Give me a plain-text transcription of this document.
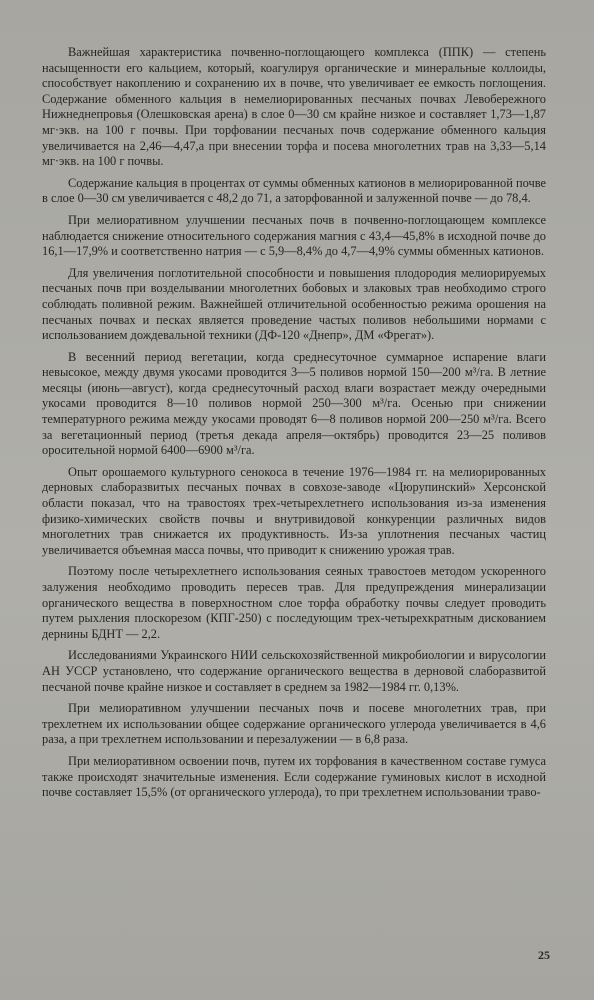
Важнейшая характеристика почвенно-поглощающего комплекса (ППК) — степень насыщенности его кальцием, который, коагулируя органические и минеральные коллоиды, способствует накоплению и сохранению их в почве, что увеличивает ее емкость поглощения. Содержание обменного кальция в немелиорированных песчаных почвах Левобережного Нижнеднепровья (Олешковская арена) в слое 0—30 см крайне низкое и составляет 1,73—1,87 мг·экв. на 100 г почвы. При торфовании песчаных почв содержание обменного кальция увеличивается на 2,46—4,47,а при внесении торфа и посева многолетних трав на 3,33—5,14 мг·экв. на 100 г почвы.

Содержание кальция в процентах от суммы обменных катионов в мелиорированной почве в слое 0—30 см увеличивается с 48,2 до 71, а заторфованной и залуженной почве — до 78,4.

При мелиоративном улучшении песчаных почв в почвенно-поглощающем комплексе наблюдается снижение относительного содержания магния с 43,4—45,8% в исходной почве до 16,1—17,9% и соответственно натрия — с 5,9—8,4% до 4,7—4,9% суммы обменных катионов.

Для увеличения поглотительной способности и повышения плодородия мелиорируемых песчаных почв при возделывании многолетних бобовых и злаковых трав необходимо строго соблюдать поливной режим. Важнейшей отличительной особенностью режима орошения на песчаных почвах и песках является проведение частых поливов небольшими нормами с использованием дождевальной техники (ДФ-120 «Днепр», ДМ «Фрегат»).

В весенний период вегетации, когда среднесуточное суммарное испарение влаги невысокое, между двумя укосами проводится 3—5 поливов нормой 150—200 м³/га. В летние месяцы (июнь—август), когда среднесуточный расход влаги возрастает между очередными укосами проводится 8—10 поливов нормой 250—300 м³/га. Осенью при снижении температурного режима между укосами проводят 6—8 поливов нормой 200—250 м³/га. Всего за вегетационный период (третья декада апреля—октябрь) проводится 23—25 поливов оросительной нормой 6400—6900 м³/га.

Опыт орошаемого культурного сенокоса в течение 1976—1984 гг. на мелиорированных дерновых слаборазвитых песчаных почвах в совхозе-заводе «Цюрупинский» Херсонской области показал, что на травостоях трех-четырехлетнего использования из-за изменения физико-химических свойств почвы и внутривидовой конкуренции различных видов многолетних трав снижается их продуктивность. Из-за уплотнения песчаных частиц увеличивается объемная масса почвы, что приводит к снижению урожая трав.

Поэтому после четырехлетнего использования сеяных травостоев методом ускоренного залужения необходимо проводить пересев трав. Для предупреждения минерализации органического вещества в поверхностном слое торфа обработку почвы следует проводить путем рыхления плоскорезом (КПГ-250) с последующим трех-четырехкратным дискованием дернины БДНТ — 2,2.

Исследованиями Украинского НИИ сельскохозяйственной микробиологии и вирусологии АН УССР установлено, что содержание органического вещества в дерновой слаборазвитой песчаной почве крайне низкое и составляет в среднем за 1982—1984 гг. 0,13%.

При мелиоративном улучшении песчаных почв и посеве многолетних трав, при трехлетнем их использовании общее содержание органического углерода увеличивается в 4,6 раза, а при трехлетнем использовании и перезалужении — в 6,8 раза.

При мелиоративном освоении почв, путем их торфования в качественном составе гумуса также происходят значительные изменения. Если содержание гуминовых кислот в исходной почве составляет 15,5% (от органического углерода), то при трехлетнем использовании траво-

25
